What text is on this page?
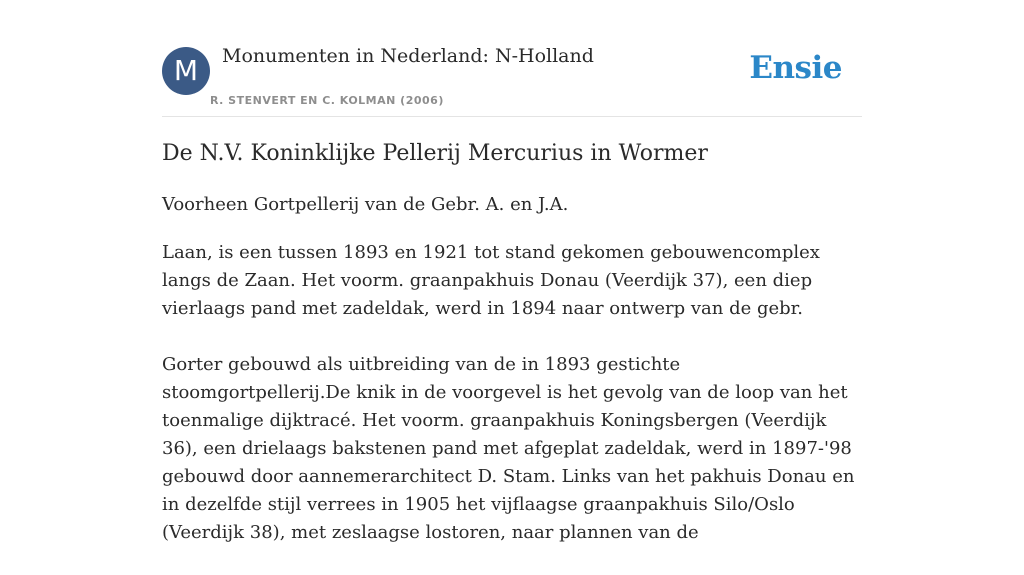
M	Monumenten in Nederland: N-Holland
R. STENVERT EN C. KOLMAN (2006)
Ensie
De N.V. Koninklijke Pellerij Mercurius in Wormer

Voorheen Gortpellerij van de Gebr. A. en J.A.

Laan, is een tussen 1893 en 1921 tot stand gekomen gebouwencomplex langs de Zaan. Het voorm. graanpakhuis Donau (Veerdijk 37), een diep vierlaags pand met zadeldak, werd in 1894 naar ontwerp van de gebr.

Gorter gebouwd als uitbreiding van de in 1893 gestichte stoomgortpellerij.De knik in de voorgevel is het gevolg van de loop van het toenmalige dijktracé. Het voorm. graanpakhuis Koningsbergen (Veerdijk 36), een drielaags bakstenen pand met afgeplat zadeldak, werd in 1897-'98 gebouwd door aannemerarchitect D. Stam. Links van het pakhuis Donau en in dezelfde stijl verrees in 1905 het vijflaagse graanpakhuis Silo/Oslo (Veerdijk 38), met zeslaagse lostoren, naar plannen van de
